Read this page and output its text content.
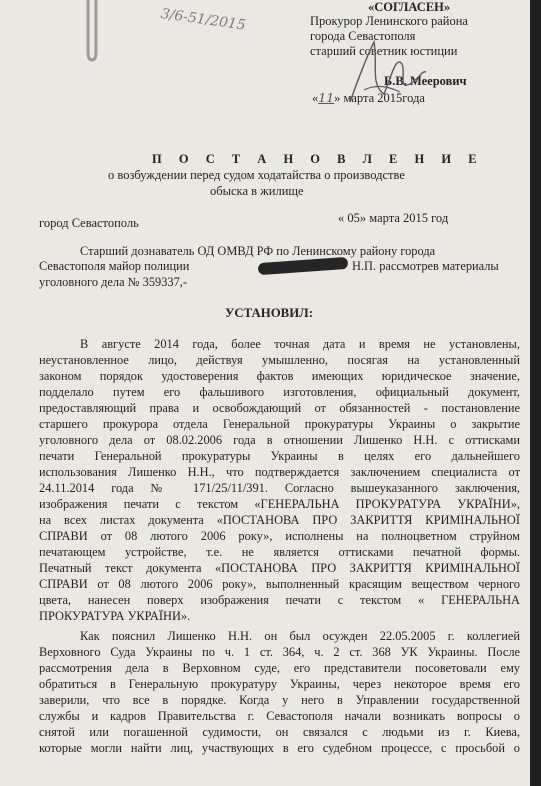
3/6-51/2015	«СОГЛАСЕН»
Прокурор Ленинского района
города Севастополя
старший советник юстиции
Б.В. Меерович
«11» марта 2015года
П О С Т А Н О В Л Е Н И Е
о возбуждении перед судом ходатайства о производстве
обыска в жилище
город Севастополь	« 05» марта 2015 год
Старший дознаватель ОД ОМВД РФ по Ленинскому району города
Севастополя майор полиции	Н.П. рассмотрев материалы
уголовного дела № 359337,-
УСТАНОВИЛ:
В августе 2014 года, более точная дата и время не установлены,
неустановленное лицо, действуя умышленно, посягая на установленный
законом порядок удостоверения фактов имеющих юридическое значение,
подделало путем его фальшивого изготовления, официальный документ,
предоставляющий права и освобождающий от обязанностей - постановление
старшего прокурора отдела Генеральной прокуратуры Украины о закрытие
уголовного дела от 08.02.2006 года в отношении Лишенко Н.Н. с оттисками
печати Генеральной прокуратуры Украины в целях его дальнейшего
использования Лишенко Н.Н., что подтверждается заключением специалиста от
24.11.2014 года № 171/25/11/391. Согласно вышеуказанного заключения,
изображения печати с текстом «ГЕНЕРАЛЬНА ПРОКУРАТУРА УКРАЇНИ»,
на всех листах документа «ПОСТАНОВА ПРО ЗАКРИТТЯ КРИМІНАЛЬНОЇ
СПРАВИ от 08 лютого 2006 року», исполнены на полноцветном струйном
печатающем устройстве, т.е. не является оттисками печатной формы.
Печатный текст документа «ПОСТАНОВА ПРО ЗАКРИТТЯ КРИМІНАЛЬНОЇ
СПРАВИ от 08 лютого 2006 року», выполненный красящим веществом черного
цвета, нанесен поверх изображения печати с текстом « ГЕНЕРАЛЬНА
ПРОКУРАТУРА УКРАЇНИ».
Как пояснил Лишенко Н.Н. он был осужден 22.05.2005 г. коллегией
Верховного Суда Украины по ч. 1 ст. 364, ч. 2 ст. 368 УК Украины. После
рассмотрения дела в Верховном суде, его представители посоветовали ему
обратиться в Генеральную прокуратуру Украины, через некоторое время его
заверили, что все в порядке. Когда у него в Управлении государственной
службы и кадров Правительства г. Севастополя начали возникать вопросы о
снятой или погашенной судимости, он связался с людьми из г. Киева,
которые могли найти лиц, участвующих в его судебном процессе, с просьбой о
